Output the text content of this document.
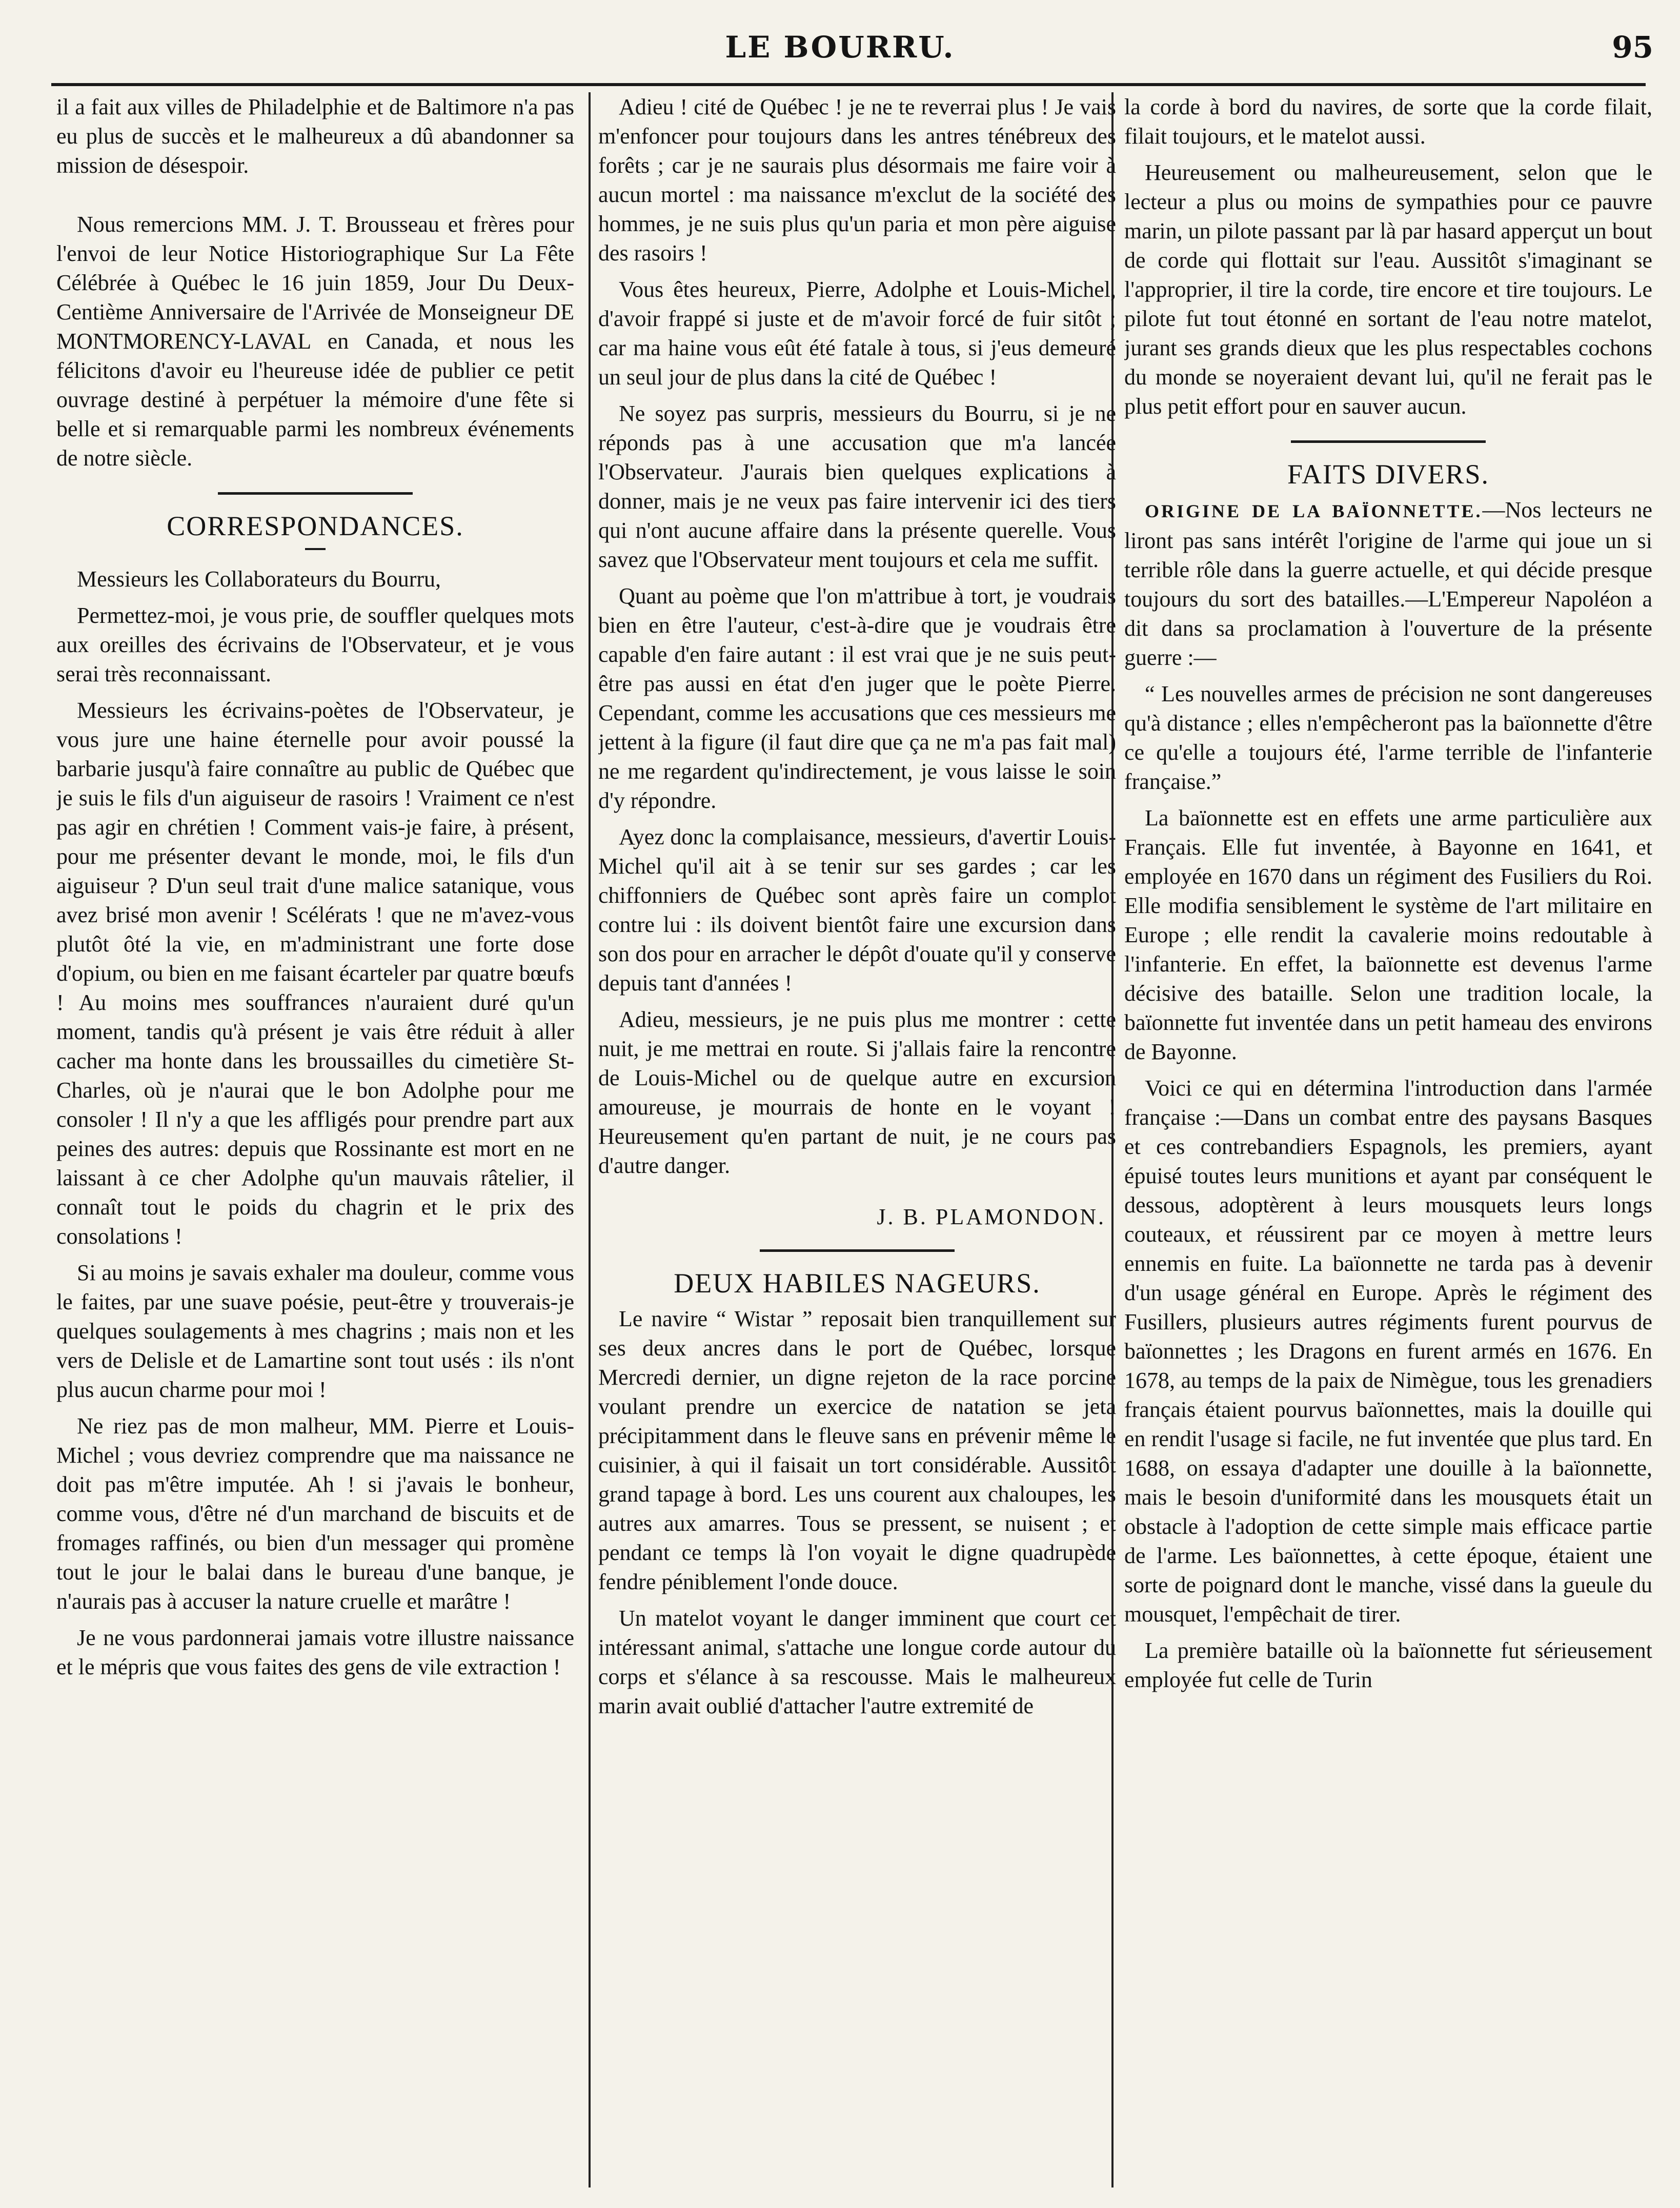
LE BOURRU.	95

il a fait aux villes de Philadelphie et de Baltimore n'a pas eu plus de succès et le malheureux a dû abandonner sa mission de désespoir.

Nous remercions MM. J. T. Brousseau et frères pour l'envoi de leur Notice Historiographique Sur La Fête Célébrée à Québec le 16 juin 1859, Jour Du Deux-Centième Anniversaire de l'Arrivée de Monseigneur DE MONTMORENCY-LAVAL en Canada, et nous les félicitons d'avoir eu l'heureuse idée de publier ce petit ouvrage destiné à perpétuer la mémoire d'une fête si belle et si remarquable parmi les nombreux événements de notre siècle.

CORRESPONDANCES.

Messieurs les Collaborateurs du Bourru,

Permettez-moi, je vous prie, de souffler quelques mots aux oreilles des écrivains de l'Observateur, et je vous serai très reconnaissant.

Messieurs les écrivains-poètes de l'Observateur, je vous jure une haine éternelle pour avoir poussé la barbarie jusqu'à faire connaître au public de Québec que je suis le fils d'un aiguiseur de rasoirs ! Vraiment ce n'est pas agir en chrétien ! Comment vais-je faire, à présent, pour me présenter devant le monde, moi, le fils d'un aiguiseur ? D'un seul trait d'une malice satanique, vous avez brisé mon avenir ! Scélérats ! que ne m'avez-vous plutôt ôté la vie, en m'administrant une forte dose d'opium, ou bien en me faisant écarteler par quatre bœufs ! Au moins mes souffrances n'auraient duré qu'un moment, tandis qu'à présent je vais être réduit à aller cacher ma honte dans les broussailles du cimetière St-Charles, où je n'aurai que le bon Adolphe pour me consoler ! Il n'y a que les affligés pour prendre part aux peines des autres: depuis que Rossinante est mort en ne laissant à ce cher Adolphe qu'un mauvais râtelier, il connaît tout le poids du chagrin et le prix des consolations !

Si au moins je savais exhaler ma douleur, comme vous le faites, par une suave poésie, peut-être y trouverais-je quelques soulagements à mes chagrins ; mais non et les vers de Delisle et de Lamartine sont tout usés : ils n'ont plus aucun charme pour moi !

Ne riez pas de mon malheur, MM. Pierre et Louis-Michel ; vous devriez comprendre que ma naissance ne doit pas m'être imputée. Ah ! si j'avais le bonheur, comme vous, d'être né d'un marchand de biscuits et de fromages raffinés, ou bien d'un messager qui promène tout le jour le balai dans le bureau d'une banque, je n'aurais pas à accuser la nature cruelle et marâtre !

Je ne vous pardonnerai jamais votre illustre naissance et le mépris que vous faites des gens de vile extraction !

Adieu ! cité de Québec ! je ne te reverrai plus ! Je vais m'enfoncer pour toujours dans les antres ténébreux des forêts ; car je ne saurais plus désormais me faire voir à aucun mortel : ma naissance m'exclut de la société des hommes, je ne suis plus qu'un paria et mon père aiguise des rasoirs !

Vous êtes heureux, Pierre, Adolphe et Louis-Michel, d'avoir frappé si juste et de m'avoir forcé de fuir sitôt ; car ma haine vous eût été fatale à tous, si j'eus demeuré un seul jour de plus dans la cité de Québec !

Ne soyez pas surpris, messieurs du Bourru, si je ne réponds pas à une accusation que m'a lancée l'Observateur. J'aurais bien quelques explications à donner, mais je ne veux pas faire intervenir ici des tiers qui n'ont aucune affaire dans la présente querelle. Vous savez que l'Observateur ment toujours et cela me suffit.

Quant au poème que l'on m'attribue à tort, je voudrais bien en être l'auteur, c'est-à-dire que je voudrais être capable d'en faire autant : il est vrai que je ne suis peut-être pas aussi en état d'en juger que le poète Pierre. Cependant, comme les accusations que ces messieurs me jettent à la figure (il faut dire que ça ne m'a pas fait mal) ne me regardent qu'indirectement, je vous laisse le soin d'y répondre.

Ayez donc la complaisance, messieurs, d'avertir Louis-Michel qu'il ait à se tenir sur ses gardes ; car les chiffonniers de Québec sont après faire un complot contre lui : ils doivent bientôt faire une excursion dans son dos pour en arracher le dépôt d'ouate qu'il y conserve depuis tant d'années !

Adieu, messieurs, je ne puis plus me montrer : cette nuit, je me mettrai en route. Si j'allais faire la rencontre de Louis-Michel ou de quelque autre en excursion amoureuse, je mourrais de honte en le voyant ! Heureusement qu'en partant de nuit, je ne cours pas d'autre danger.

J. B. PLAMONDON.
DEUX HABILES NAGEURS.

Le navire “ Wistar ” reposait bien tranquillement sur ses deux ancres dans le port de Québec, lorsque Mercredi dernier, un digne rejeton de la race porcine voulant prendre un exercice de natation se jeta précipitamment dans le fleuve sans en prévenir même le cuisinier, à qui il faisait un tort considérable. Aussitôt grand tapage à bord. Les uns courent aux chaloupes, les autres aux amarres. Tous se pressent, se nuisent ; et pendant ce temps là l'on voyait le digne quadrupède fendre péniblement l'onde douce.

Un matelot voyant le danger imminent que court cet intéressant animal, s'attache une longue corde autour du corps et s'élance à sa rescousse. Mais le malheureux marin avait oublié d'attacher l'autre extremité de

la corde à bord du navires, de sorte que la corde filait, filait toujours, et le matelot aussi.

Heureusement ou malheureusement, selon que le lecteur a plus ou moins de sympathies pour ce pauvre marin, un pilote passant par là par hasard apperçut un bout de corde qui flottait sur l'eau. Aussitôt s'imaginant se l'approprier, il tire la corde, tire encore et tire toujours. Le pilote fut tout étonné en sortant de l'eau notre matelot, jurant ses grands dieux que les plus respectables cochons du monde se noyeraient devant lui, qu'il ne ferait pas le plus petit effort pour en sauver aucun.

FAITS DIVERS.

ORIGINE DE LA BAÏONNETTE.—Nos lecteurs ne liront pas sans intérêt l'origine de l'arme qui joue un si terrible rôle dans la guerre actuelle, et qui décide presque toujours du sort des batailles.—L'Empereur Napoléon a dit dans sa proclamation à l'ouverture de la présente guerre :—

“ Les nouvelles armes de précision ne sont dangereuses qu'à distance ; elles n'empêcheront pas la baïonnette d'être ce qu'elle a toujours été, l'arme terrible de l'infanterie française.”

La baïonnette est en effets une arme particulière aux Français. Elle fut inventée, à Bayonne en 1641, et employée en 1670 dans un régiment des Fusiliers du Roi. Elle modifia sensiblement le système de l'art militaire en Europe ; elle rendit la cavalerie moins redoutable à l'infanterie. En effet, la baïonnette est devenus l'arme décisive des bataille. Selon une tradition locale, la baïonnette fut inventée dans un petit hameau des environs de Bayonne.

Voici ce qui en détermina l'introduction dans l'armée française :—Dans un combat entre des paysans Basques et ces contrebandiers Espagnols, les premiers, ayant épuisé toutes leurs munitions et ayant par conséquent le dessous, adoptèrent à leurs mousquets leurs longs couteaux, et réussirent par ce moyen à mettre leurs ennemis en fuite. La baïonnette ne tarda pas à devenir d'un usage général en Europe. Après le régiment des Fusillers, plusieurs autres régiments furent pourvus de baïonnettes ; les Dragons en furent armés en 1676. En 1678, au temps de la paix de Nimègue, tous les grenadiers français étaient pourvus baïonnettes, mais la douille qui en rendit l'usage si facile, ne fut inventée que plus tard. En 1688, on essaya d'adapter une douille à la baïonnette, mais le besoin d'uniformité dans les mousquets était un obstacle à l'adoption de cette simple mais efficace partie de l'arme. Les baïonnettes, à cette époque, étaient une sorte de poignard dont le manche, vissé dans la gueule du mousquet, l'empêchait de tirer.

La première bataille où la baïonnette fut sérieusement employée fut celle de Turin
